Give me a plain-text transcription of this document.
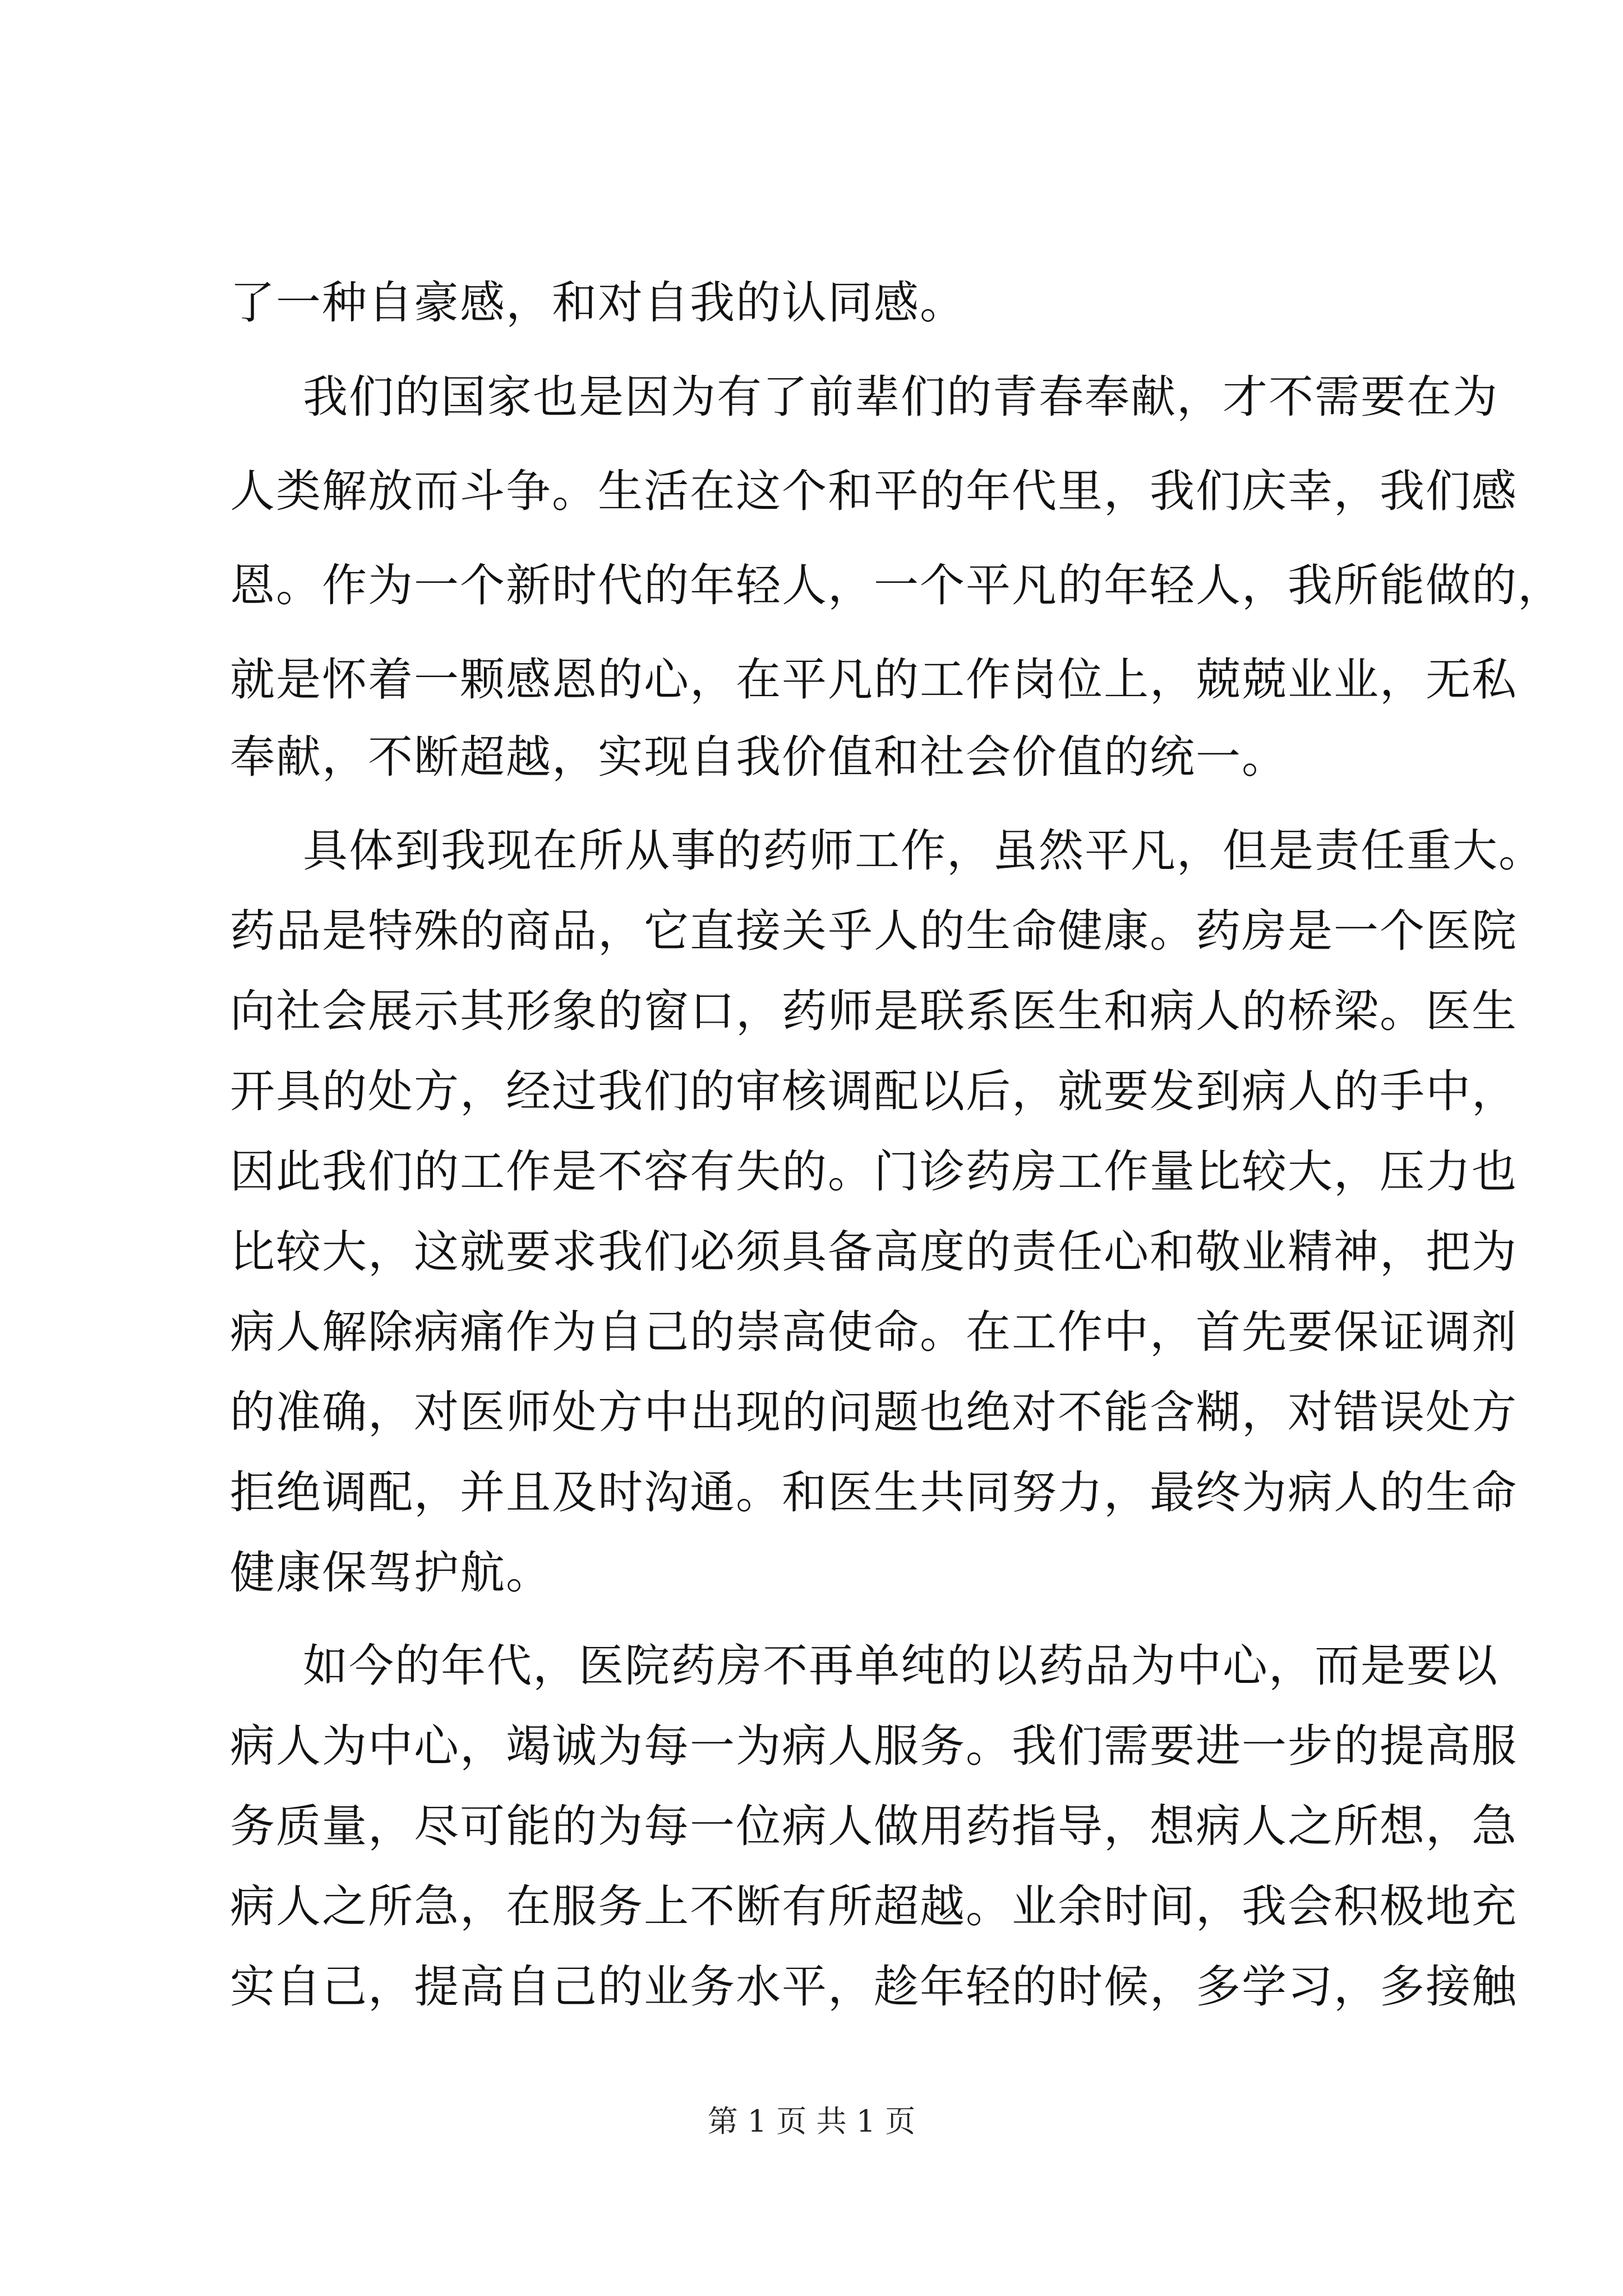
了一种自豪感，和对自我的认同感。
我们的国家也是因为有了前辈们的青春奉献，才不需要在为
人类解放而斗争。生活在这个和平的年代里，我们庆幸，我们感
恩。作为一个新时代的年轻人，一个平凡的年轻人，我所能做的，
就是怀着一颗感恩的心，在平凡的工作岗位上，兢兢业业，无私
奉献，不断超越，实现自我价值和社会价值的统一。
具体到我现在所从事的药师工作，虽然平凡，但是责任重大。
药品是特殊的商品，它直接关乎人的生命健康。药房是一个医院
向社会展示其形象的窗口，药师是联系医生和病人的桥梁。医生
开具的处方，经过我们的审核调配以后，就要发到病人的手中，
因此我们的工作是不容有失的。门诊药房工作量比较大，压力也
比较大，这就要求我们必须具备高度的责任心和敬业精神，把为
病人解除病痛作为自己的崇高使命。在工作中，首先要保证调剂
的准确，对医师处方中出现的问题也绝对不能含糊，对错误处方
拒绝调配，并且及时沟通。和医生共同努力，最终为病人的生命
健康保驾护航。
如今的年代，医院药房不再单纯的以药品为中心，而是要以
病人为中心，竭诚为每一为病人服务。我们需要进一步的提高服
务质量，尽可能的为每一位病人做用药指导，想病人之所想，急
病人之所急，在服务上不断有所超越。业余时间，我会积极地充
实自己，提高自己的业务水平，趁年轻的时候，多学习，多接触
第 1 页 共 1 页
